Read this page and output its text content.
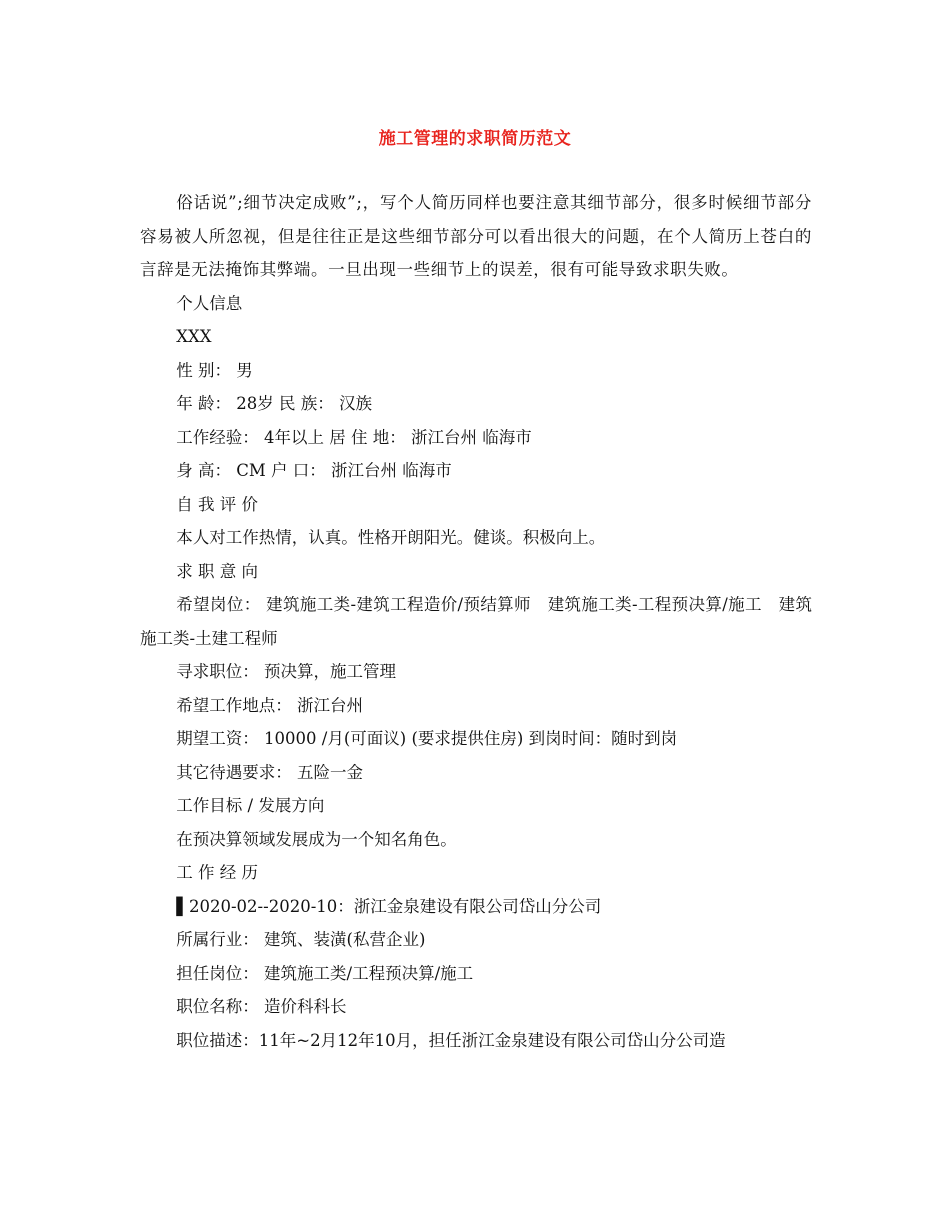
施工管理的求职简历范文

俗话说”;细节决定成败”;，写个人简历同样也要注意其细节部分，很多时候细节部分容易被人所忽视，但是往往正是这些细节部分可以看出很大的问题，在个人简历上苍白的言辞是无法掩饰其弊端。一旦出现一些细节上的误差，很有可能导致求职失败。

个人信息

XXX

性 别： 男

年 龄： 28岁 民 族： 汉族

工作经验： 4年以上 居 住 地： 浙江台州 临海市

身 高： CM 户 口： 浙江台州 临海市

自 我 评 价

本人对工作热情，认真。性格开朗阳光。健谈。积极向上。

求 职 意 向

希望岗位： 建筑施工类-建筑工程造价/预结算师   建筑施工类-工程预决算/施工   建筑施工类-土建工程师

寻求职位： 预决算，施工管理

希望工作地点： 浙江台州

期望工资： 10000 /月(可面议) (要求提供住房) 到岗时间：随时到岗

其它待遇要求： 五险一金

工作目标 / 发展方向

在预决算领域发展成为一个知名角色。

工 作 经 历

▌2020-02--2020-10：浙江金泉建设有限公司岱山分公司

所属行业： 建筑、装潢(私营企业)

担任岗位： 建筑施工类/工程预决算/施工

职位名称： 造价科科长

职位描述：11年~2月12年10月，担任浙江金泉建设有限公司岱山分公司造
